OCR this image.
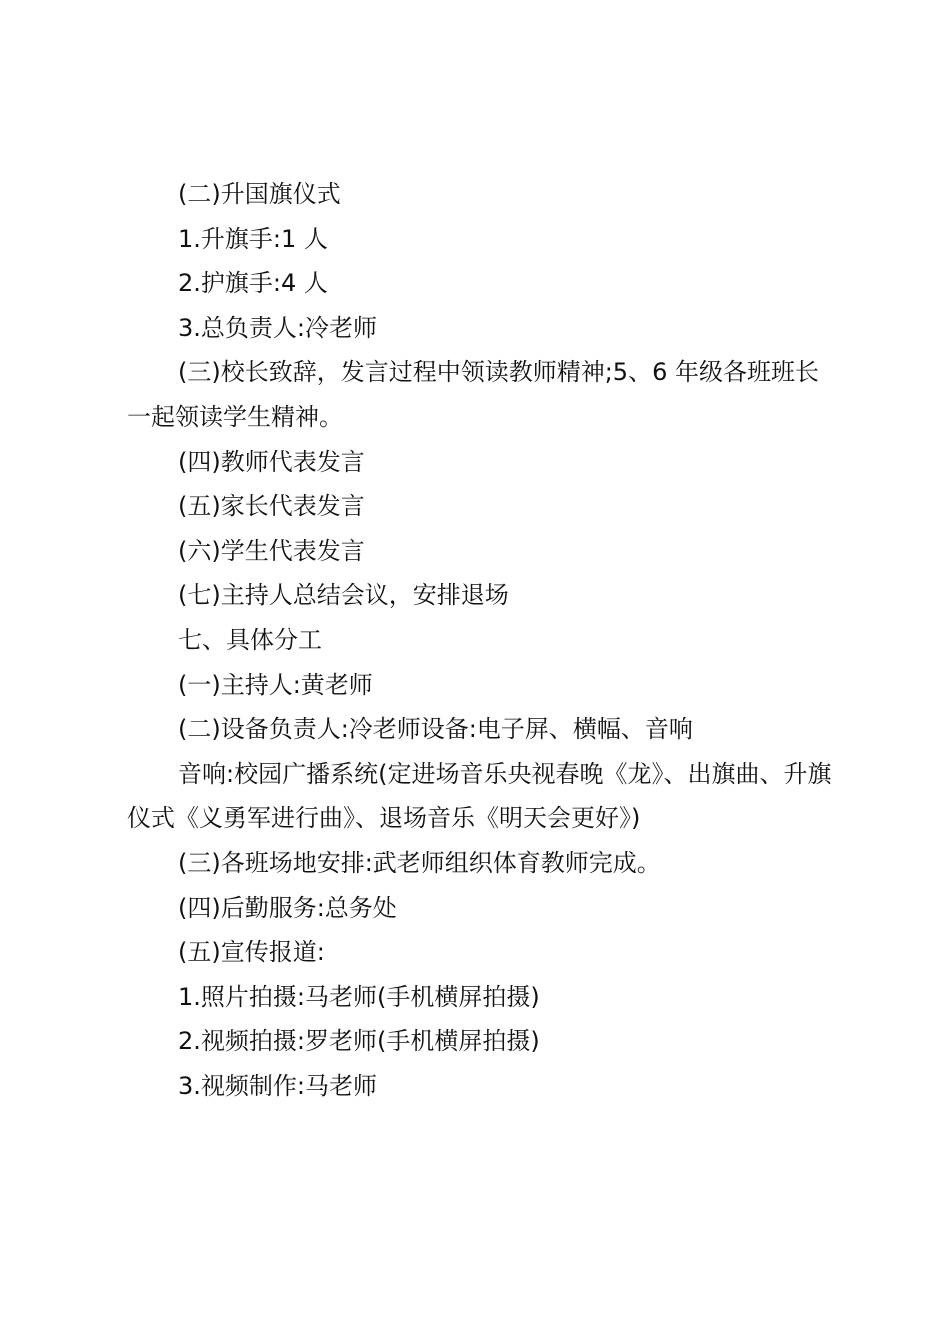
(二)升国旗仪式

1.升旗手:1 人

2.护旗手:4 人

3.总负责人:冷老师

(三)校长致辞，发言过程中领读教师精神;5、6 年级各班班长一起领读学生精神。

(四)教师代表发言

(五)家长代表发言

(六)学生代表发言

(七)主持人总结会议，安排退场

七、具体分工

(一)主持人:黄老师

(二)设备负责人:冷老师设备:电子屏、横幅、音响

音响:校园广播系统(定进场音乐央视春晚《龙》、出旗曲、升旗仪式《义勇军进行曲》、退场音乐《明天会更好》)

(三)各班场地安排:武老师组织体育教师完成。

(四)后勤服务:总务处

(五)宣传报道:

1.照片拍摄:马老师(手机横屏拍摄)

2.视频拍摄:罗老师(手机横屏拍摄)

3.视频制作:马老师
